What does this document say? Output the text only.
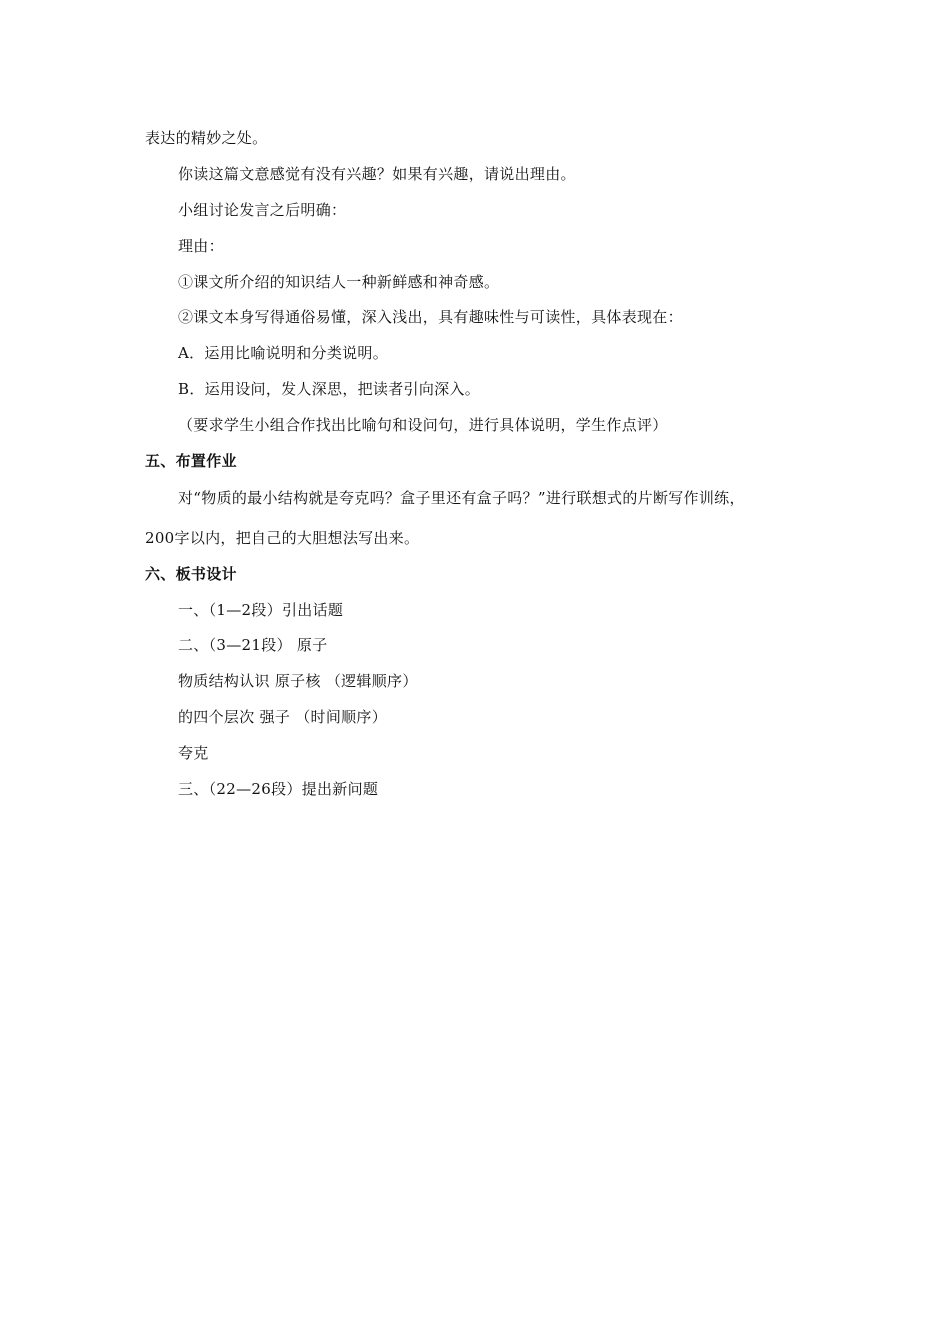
表达的精妙之处。
你读这篇文意感觉有没有兴趣？如果有兴趣，请说出理由。
小组讨论发言之后明确：
理由：
①课文所介绍的知识结人一种新鲜感和神奇感。
②课文本身写得通俗易懂，深入浅出，具有趣味性与可读性，具体表现在：
A．运用比喻说明和分类说明。
B．运用设问，发人深思，把读者引向深入。
（要求学生小组合作找出比喻句和设问句，进行具体说明，学生作点评）
五、布置作业
对“物质的最小结构就是夸克吗？盒子里还有盒子吗？”进行联想式的片断写作训练，
200字以内，把自己的大胆想法写出来。
六、板书设计
一、（1—2段）引出话题
二、（3—21段） 原子
物质结构认识 原子核 （逻辑顺序）
的四个层次 强子 （时间顺序）
夸克
三、（22—26段）提出新问题
